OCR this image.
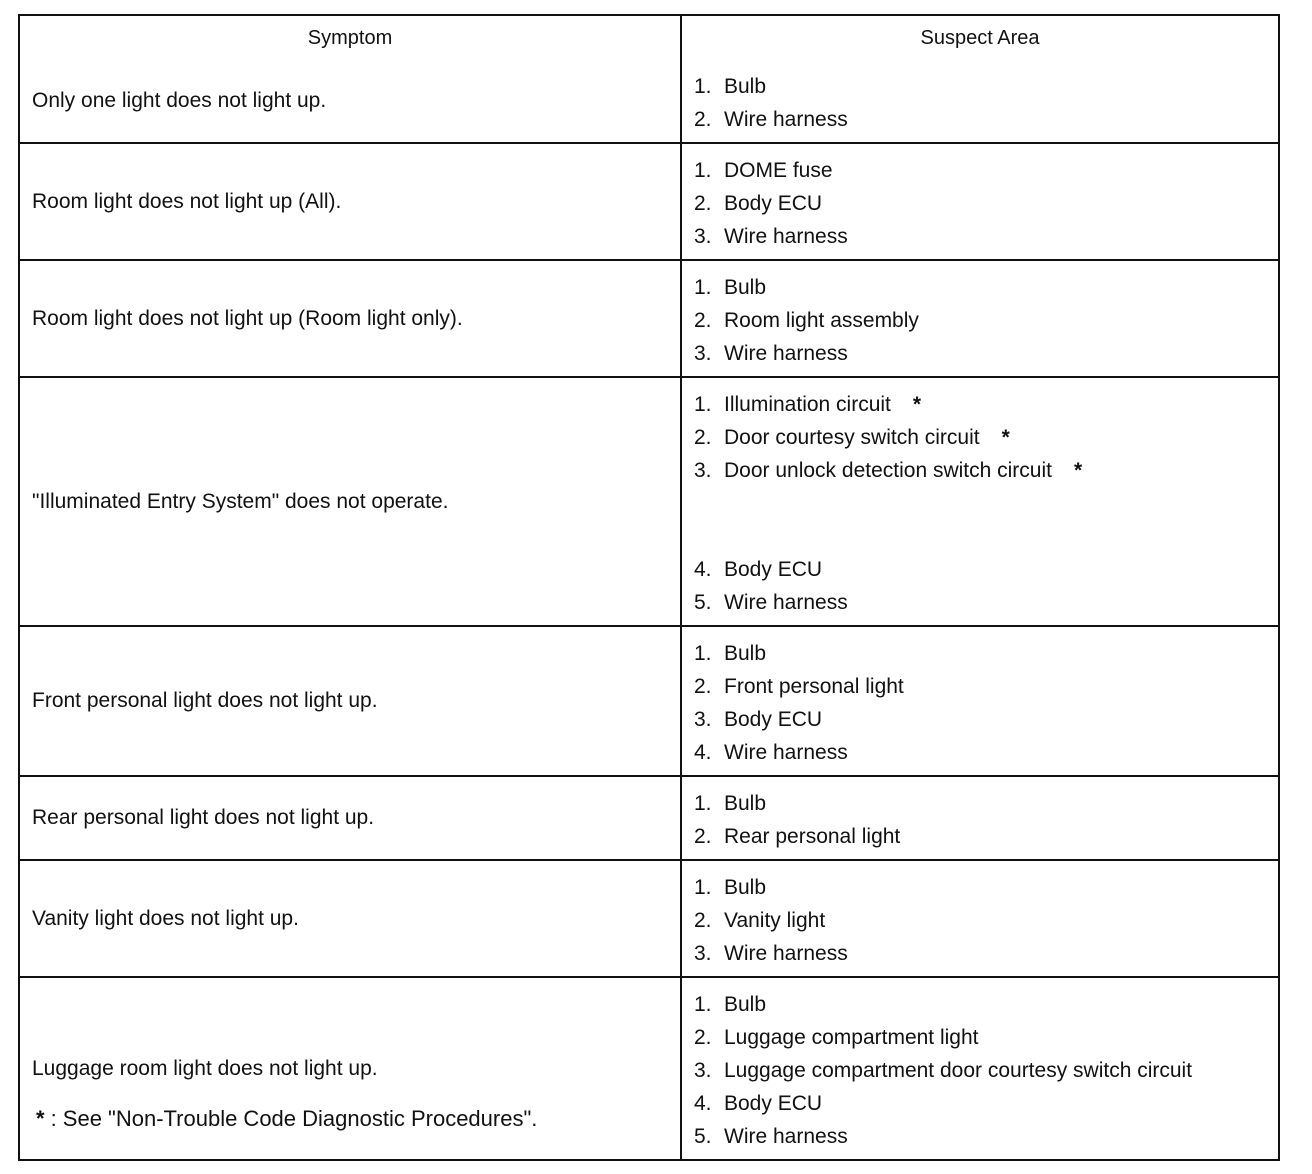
Symptom	Suspect Area
Only one light does not light up.
1. Bulb
2. Wire harness
Room light does not light up (All).
1. DOME fuse
2. Body ECU
3. Wire harness
Room light does not light up (Room light only).
1. Bulb
2. Room light assembly
3. Wire harness
"Illuminated Entry System" does not operate.
1. Illumination circuit *
2. Door courtesy switch circuit *
3. Door unlock detection switch circuit *
4. Body ECU
5. Wire harness
Front personal light does not light up.
1. Bulb
2. Front personal light
3. Body ECU
4. Wire harness
Rear personal light does not light up.
1. Bulb
2. Rear personal light
Vanity light does not light up.
1. Bulb
2. Vanity light
3. Wire harness
Luggage room light does not light up.
1. Bulb
2. Luggage compartment light
3. Luggage compartment door courtesy switch circuit
4. Body ECU
5. Wire harness
* : See "Non-Trouble Code Diagnostic Procedures".
